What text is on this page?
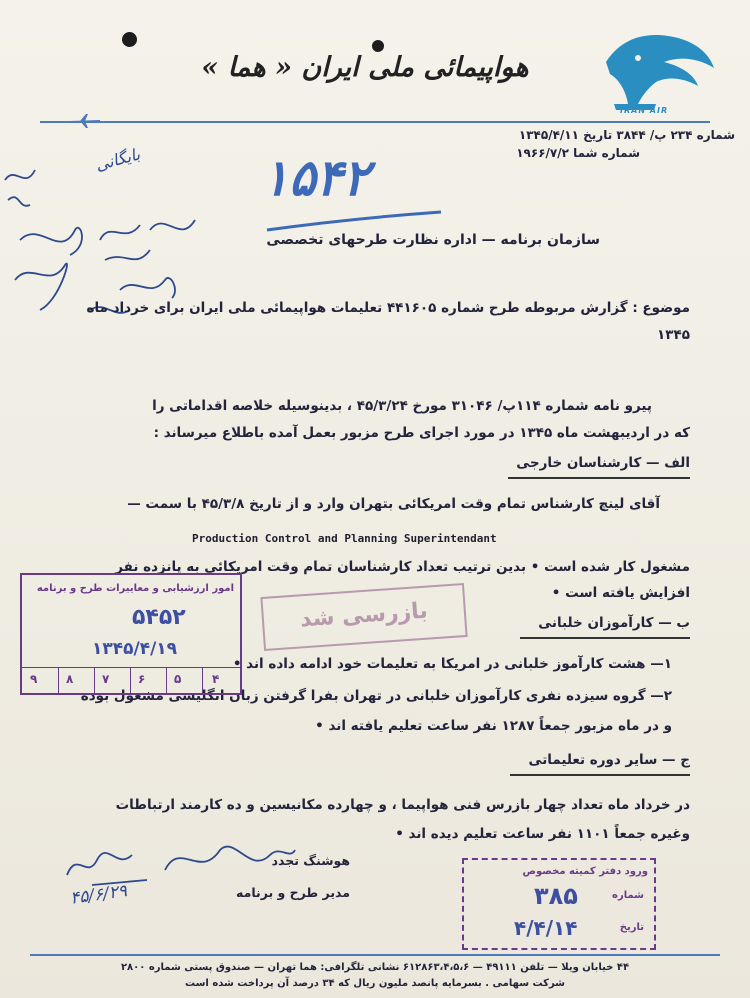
هواپیمائی ملی ایران « هما »
IRAN AIR
شماره ۲۳۴ پ/ ۳۸۴۴ تاریخ ۱۳۴۵/۴/۱۱
شماره شما ۱۹۶۶/۷/۲
۱۵۴۲
بایگانی
سازمان برنامه — اداره نظارت طرحهای تخصصی
موضوع : گزارش مربوطه طرح شماره ۴۴۱۶۰۵ تعلیمات هواپیمائی ملی ایران برای خرداد ماه
۱۳۴۵
پیرو نامه شماره ۱۱۴پ/ ۳۱۰۴۶ مورخ ۴۵/۳/۲۴ ، بدینوسیله خلاصه اقداماتی را
که در اردیبهشت ماه ۱۳۴۵ در مورد اجرای طرح مزبور بعمل آمده باطلاع میرساند :
الف — کارشناسان خارجی
آقای لینچ کارشناس تمام وقت امریکائی بتهران وارد و از تاریخ ۴۵/۳/۸ با سمت —
Production Control and Planning Superintendant
مشغول کار شده است • بدین ترتیب تعداد کارشناسان تمام وقت امریکائی به پانزده نفر
افزایش یافته است •
ب — کارآموزان خلبانی
۱— هشت کارآموز خلبانی در امریکا به تعلیمات خود ادامه داده اند •
۲— گروه سیزده نفری کارآموزان خلبانی در تهران بفرا گرفتن زبان انگلیسی مشغول بوده
و در ماه مزبور جمعاً ۱۲۸۷ نفر ساعت تعلیم یافته اند •
ج — سایر دوره تعلیماتی
در خرداد ماه تعداد چهار بازرس فنی هواپیما ، و چهارده مکانیسین و ده کارمند ارتباطات
وغیره جمعاً ۱۱۰۱ نفر ساعت تعلیم دیده اند •
هوشنگ تجدد
مدیر طرح و برنامه
۴۵/۶/۲۹
امور ارزشیابی و معاییرات طرح و برنامه
۵۴۵۲
۱۳۴۵/۴/۱۹
۹ ۸ ۷ ۶ ۵	۴
بازرسی شد
ورود دفتر کمیته مخصوص
شماره
۳۸۵
تاریخ
۴/۴/۱۴
۴۴ خیابان ویلا — تلفن ۴۹۱۱۱ — ۶۱۲۸۶۳،۴،۵،۶ نشانی تلگرافی: هما تهران — صندوق پستی شماره ۲۸۰۰
شرکت سهامی . بسرمایه پانصد ملیون ریال که ۳۴ درصد آن پرداخت شده است
